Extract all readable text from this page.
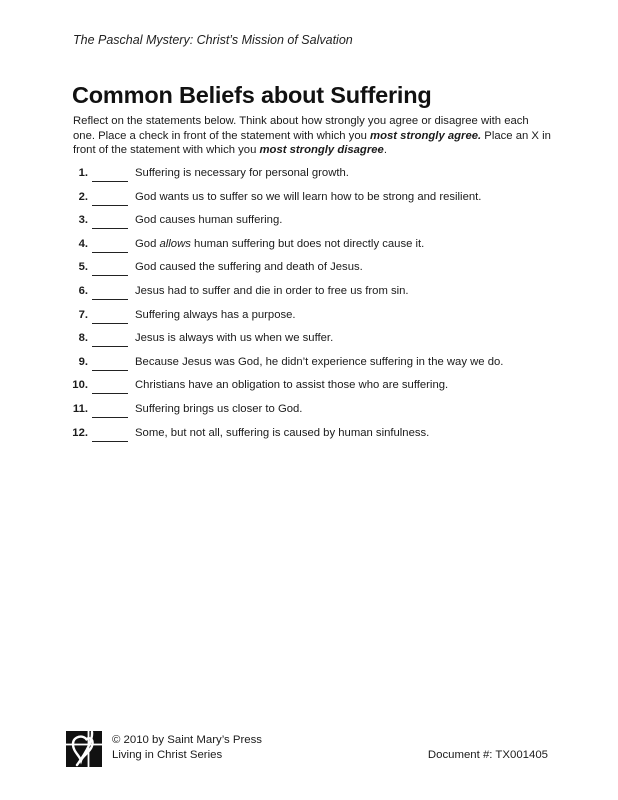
The Paschal Mystery: Christ’s Mission of Salvation
Common Beliefs about Suffering

Reflect on the statements below. Think about how strongly you agree or disagree with each one. Place a check in front of the statement with which you most strongly agree. Place an X in front of the statement with which you most strongly disagree.

1.	Suffering is necessary for personal growth.
2.	God wants us to suffer so we will learn how to be strong and resilient.
3.	God causes human suffering.
4.	God allows human suffering but does not directly cause it.
5.	God caused the suffering and death of Jesus.
6.	Jesus had to suffer and die in order to free us from sin.
7.	Suffering always has a purpose.
8.	Jesus is always with us when we suffer.
9.	Because Jesus was God, he didn’t experience suffering in the way we do.
10.	Christians have an obligation to assist those who are suffering.
11.	Suffering brings us closer to God.
12.	Some, but not all, suffering is caused by human sinfulness.
© 2010 by Saint Mary’s Press
Living in Christ Series	Document #: TX001405
